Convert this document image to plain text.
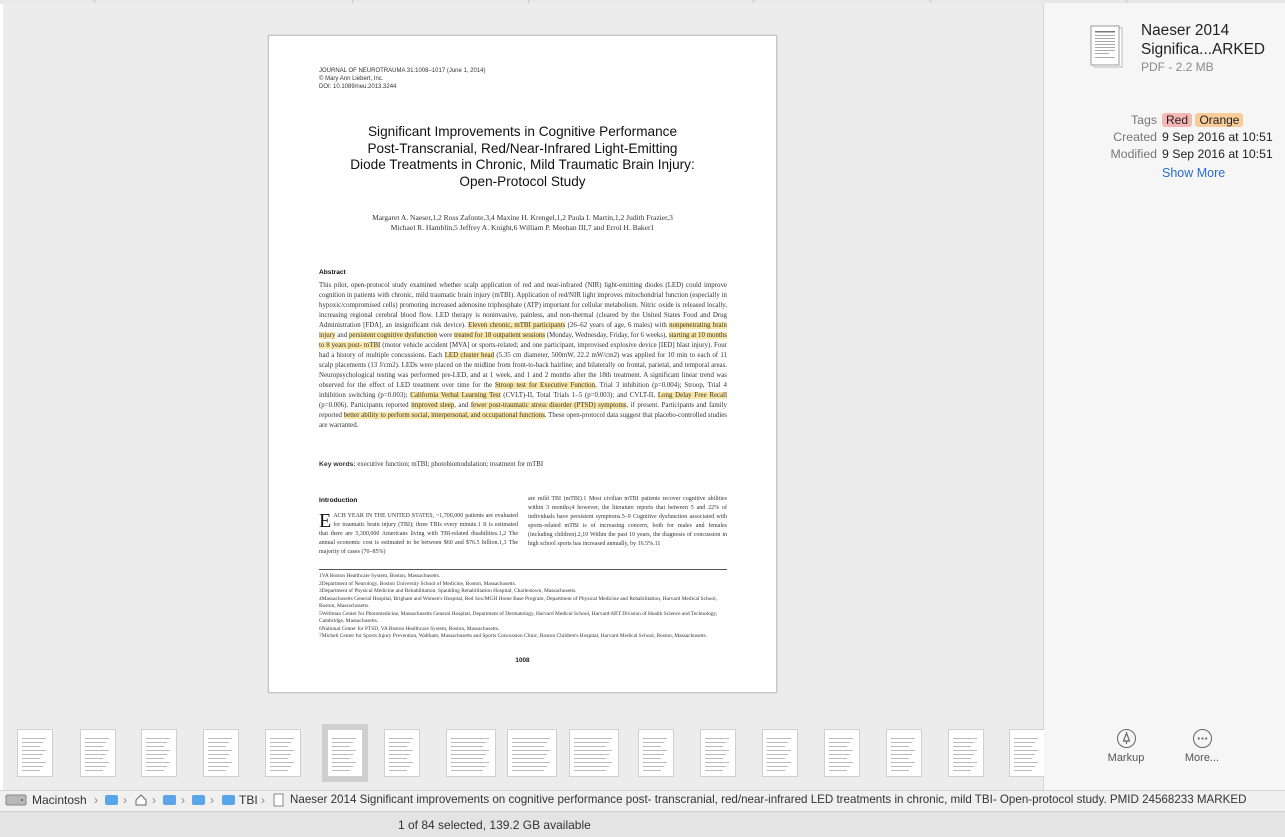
JOURNAL OF NEUROTRAUMA 31:1008–1017 (June 1, 2014)
© Mary Ann Liebert, Inc.
DOI: 10.1089/neu.2013.3244
Significant Improvements in Cognitive Performance
Post-Transcranial, Red/Near-Infrared Light-Emitting
Diode Treatments in Chronic, Mild Traumatic Brain Injury:
Open-Protocol Study
Margaret A. Naeser,1,2 Ross Zafonte,3,4 Maxine H. Krengel,1,2 Paula I. Martin,1,2 Judith Frazier,3
Michael R. Hamblin,5 Jeffrey A. Knight,6 William P. Meehan III,7 and Errol H. Baker1
Abstract
This pilot, open-protocol study examined whether scalp application of red and near-infrared (NIR) light-emitting diodes (LED) could improve cognition in patients with chronic, mild traumatic brain injury (mTBI). Application of red/NIR light improves mitochondrial function (especially in hypoxic/compromised cells) promoting increased adenosine triphosphate (ATP) important for cellular metabolism. Nitric oxide is released locally, increasing regional cerebral blood flow. LED therapy is noninvasive, painless, and non-thermal (cleared by the United States Food and Drug Administration [FDA], an insignificant risk device). Eleven chronic, mTBI participants (26–62 years of age, 6 males) with nonpenetrating brain injury and persistent cognitive dysfunction were treated for 18 outpatient sessions (Monday, Wednesday, Friday, for 6 weeks), starting at 10 months to 8 years post- mTBI (motor vehicle accident [MVA] or sports-related; and one participant, improvised explosive device [IED] blast injury). Four had a history of multiple concussions. Each LED cluster head (5.35 cm diameter, 500mW, 22.2 mW/cm2) was applied for 10 min to each of 11 scalp placements (13 J/cm2). LEDs were placed on the midline from front-to-back hairline; and bilaterally on frontal, parietal, and temporal areas. Neuropsychological testing was performed pre-LED, and at 1 week, and 1 and 2 months after the 18th treatment. A significant linear trend was observed for the effect of LED treatment over time for the Stroop test for Executive Function, Trial 3 inhibition (p=0.004); Stroop, Trial 4 inhibition switching (p=0.003); California Verbal Learning Test (CVLT)-II, Total Trials 1–5 (p=0.003); and CVLT-II, Long Delay Free Recall (p=0.006). Participants reported improved sleep, and fewer post-traumatic stress disorder (PTSD) symptoms, if present. Participants and family reported better ability to perform social, interpersonal, and occupational functions. These open-protocol data suggest that placebo-controlled studies are warranted.
Key words: executive function; mTBI; photobiomodulation; treatment for mTBI
Introduction
EACH YEAR IN THE UNITED STATES, ~1,700,000 patients are evaluated for traumatic brain injury (TBI); three TBIs every minute.1 It is estimated that there are 5,300,000 Americans living with TBI-related disabilities.1,2 The annual economic cost is estimated to be between $60 and $76.5 billion.1,3 The majority of cases (70–85%)
are mild TBI (mTBI).1 Most civilian mTBI patients recover cognitive abilities within 3 months;4 however, the literature reports that between 5 and 22% of individuals have persistent symptoms.5–9 Cognitive dysfunction associated with sports-related mTBI is of increasing concern, both for males and females (including children).2,10 Within the past 10 years, the diagnosis of concussion in high school sports has increased annually, by 16.5%.11
1VA Boston Healthcare System, Boston, Massachusetts.
2Department of Neurology, Boston University School of Medicine, Boston, Massachusetts.
3Department of Physical Medicine and Rehabilitation, Spaulding Rehabilitation Hospital, Charlestown, Massachusetts.
4Massachusetts General Hospital, Brigham and Women's Hospital, Red Sox/MGH Home Base Program, Department of Physical Medicine and Rehabilitation, Harvard Medical School, Boston, Massachusetts.
5Wellman Center for Photomedicine, Massachusetts General Hospital, Department of Dermatology, Harvard Medical School, Harvard-MIT Division of Health Science and Technology, Cambridge, Massachusetts.
6National Center for PTSD, VA Boston Healthcare System, Boston, Massachusetts.
7Micheli Center for Sports Injury Prevention, Waltham, Massachusetts and Sports Concussion Clinic, Boston Children's Hospital, Harvard Medical School, Boston, Massachusetts.
1008
Naeser 2014
Significa...ARKED
PDF - 2.2 MB
Tags Red Orange
Created 9 Sep 2016 at 10:51
Modified 9 Sep 2016 at 10:51
Show More
Markup	More...
Macintosh › › › › › TBI › Naeser 2014 Significant improvements on cognitive performance post- transcranial, red/near-infrared LED treatments in chronic, mild TBI- Open-protocol study. PMID 24568233 MARKED
1 of 84 selected, 139.2 GB available
